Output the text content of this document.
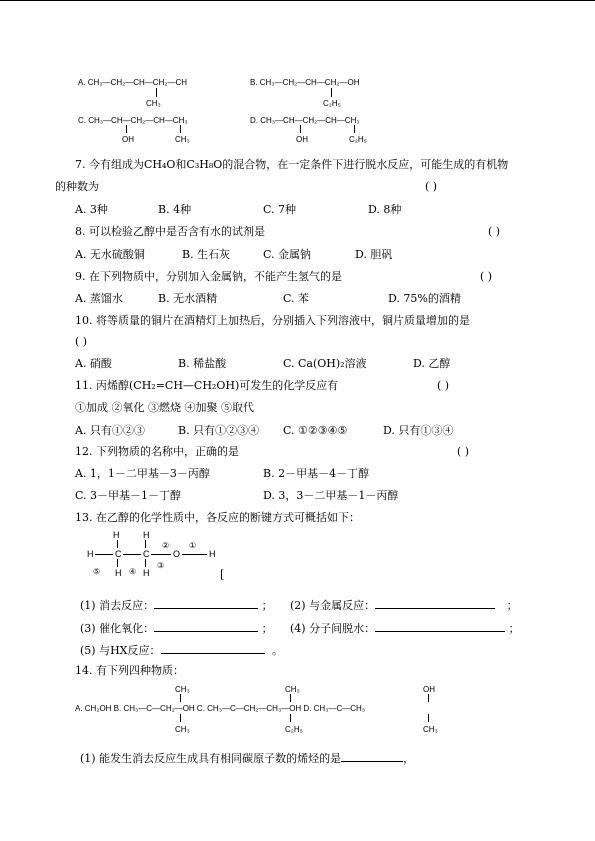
A. CH₃—CH₂—CH—CH₂—CH
CH₃
B. CH₃—CH₂—CH—CH₂—OH
C₂H₅
C. CH₃—CH—CH₂—CH—CH₃
OH	CH₃
D. CH₃—CH—CH₂—CH—CH₃
OH	C₂H₅
7. 今有组成为CH₄O和C₃H₈O的混合物，在一定条件下进行脱水反应，可能生成的有机物
的种数为	( )
A. 3种	B. 4种	C. 7种	D. 8种
8. 可以检验乙醇中是否含有水的试剂是	( )
A. 无水硫酸铜	B. 生石灰	C. 金属钠	D. 胆矾
9. 在下列物质中，分别加入金属钠，不能产生氢气的是	( )
A. 蒸馏水	B. 无水酒精	C. 苯	D. 75%的酒精
10. 将等质量的铜片在酒精灯上加热后，分别插入下列溶液中，铜片质量增加的是
( )
A. 硝酸	B. 稀盐酸	C. Ca(OH)₂溶液	D. 乙醇
11. 丙烯醇(CH₂=CH—CH₂OH)可发生的化学反应有	( )
①加成 ②氧化 ③燃烧 ④加聚 ⑤取代
A. 只有①②③	B. 只有①②③④ C. ①②③④⑤	D. 只有①③④
12. 下列物质的名称中，正确的是	( )
A. 1，1－二甲基－3－丙醇	B. 2－甲基－4－丁醇
C. 3－甲基－1－丁醇	D. 3，3－二甲基－1－丙醇
13. 在乙醇的化学性质中，各反应的断键方式可概括如下：
H	H
H C C	O	H
H H
② ①
⑤	④
③
[
(1) 消去反应：	； (2) 与金属反应：	；
(3) 催化氧化：	； (4) 分子间脱水：	；
(5) 与HX反应：	。
14. 有下列四种物质：
CH₃	CH₃	OH
A. CH₂OH B. CH₃—C—CH₂—OH C. CH₃—C—CH₂—CH₃—OH D. CH₃—C—CH₃
CH₃	C₂H₅	CH₃
(1) 能发生消去反应生成具有相同碳原子数的烯烃的是	，
